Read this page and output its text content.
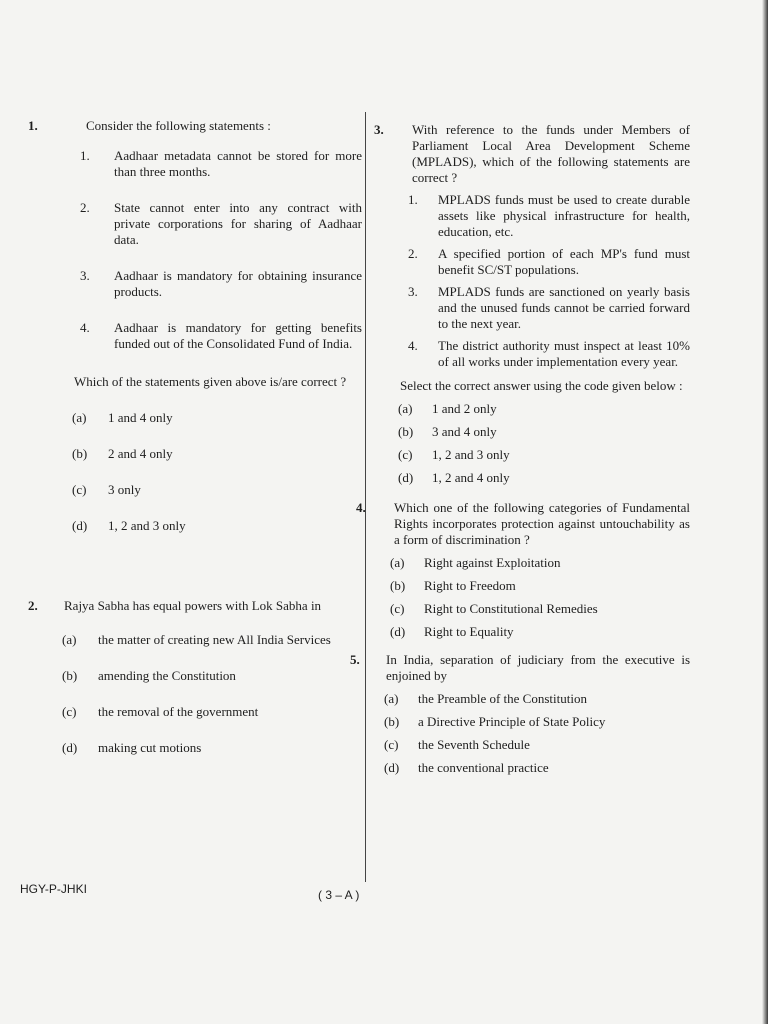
1.	Consider the following statements :
1. Aadhaar metadata cannot be stored for more than three months.
2. State cannot enter into any contract with private corporations for sharing of Aadhaar data.
3. Aadhaar is mandatory for obtaining insurance products.
4. Aadhaar is mandatory for getting benefits funded out of the Consolidated Fund of India.
Which of the statements given above is/are correct ?
(a) 1 and 4 only
(b) 2 and 4 only
(c) 3 only
(d) 1, 2 and 3 only
2. Rajya Sabha has equal powers with Lok Sabha in
(a) the matter of creating new All India Services
(b) amending the Constitution
(c) the removal of the government
(d) making cut motions
3. With reference to the funds under Members of Parliament Local Area Development Scheme (MPLADS), which of the following statements are correct ?
1. MPLADS funds must be used to create durable assets like physical infrastructure for health, education, etc.
2. A specified portion of each MP's fund must benefit SC/ST populations.
3. MPLADS funds are sanctioned on yearly basis and the unused funds cannot be carried forward to the next year.
4. The district authority must inspect at least 10% of all works under implementation every year.
Select the correct answer using the code given below :
(a) 1 and 2 only
(b) 3 and 4 only
(c) 1, 2 and 3 only
(d) 1, 2 and 4 only
4. Which one of the following categories of Fundamental Rights incorporates protection against untouchability as a form of discrimination ?
(a) Right against Exploitation
(b) Right to Freedom
(c) Right to Constitutional Remedies
(d) Right to Equality
5. In India, separation of judiciary from the executive is enjoined by
(a) the Preamble of the Constitution
(b) a Directive Principle of State Policy
(c) the Seventh Schedule
(d) the conventional practice
HGY-P-JHKI	( 3 – A )
